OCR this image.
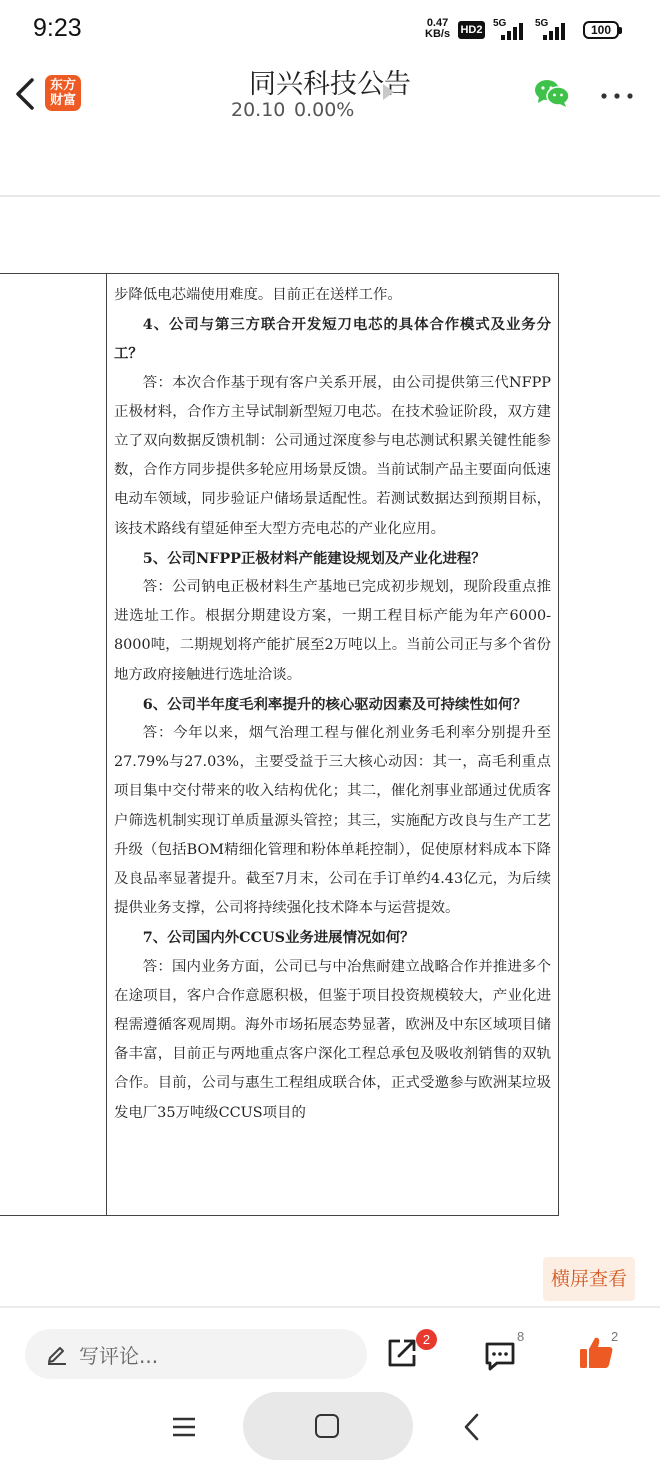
9:23	0.47
KB/s HD2
5G	5G	100
东方
财富
同兴科技公告
20.10 0.00%

步降低电芯端使用难度。目前正在送样工作。

4、公司与第三方联合开发短刀电芯的具体合作模式及业务分工？

答：本次合作基于现有客户关系开展，由公司提供第三代NFPP正极材料，合作方主导试制新型短刀电芯。在技术验证阶段，双方建立了双向数据反馈机制：公司通过深度参与电芯测试积累关键性能参数，合作方同步提供多轮应用场景反馈。当前试制产品主要面向低速电动车领域，同步验证户储场景适配性。若测试数据达到预期目标，该技术路线有望延伸至大型方壳电芯的产业化应用。

5、公司NFPP正极材料产能建设规划及产业化进程？

答：公司钠电正极材料生产基地已完成初步规划，现阶段重点推进选址工作。根据分期建设方案，一期工程目标产能为年产6000-8000吨，二期规划将产能扩展至2万吨以上。当前公司正与多个省份地方政府接触进行选址洽谈。

6、公司半年度毛利率提升的核心驱动因素及可持续性如何？

答：今年以来，烟气治理工程与催化剂业务毛利率分别提升至27.79%与27.03%，主要受益于三大核心动因：其一，高毛利重点项目集中交付带来的收入结构优化；其二，催化剂事业部通过优质客户筛选机制实现订单质量源头管控；其三，实施配方改良与生产工艺升级（包括BOM精细化管理和粉体单耗控制），促使原材料成本下降及良品率显著提升。截至7月末，公司在手订单约4.43亿元，为后续提供业务支撑，公司将持续强化技术降本与运营提效。

7、公司国内外CCUS业务进展情况如何？

答：国内业务方面，公司已与中冶焦耐建立战略合作并推进多个在途项目，客户合作意愿积极，但鉴于项目投资规模较大，产业化进程需遵循客观周期。海外市场拓展态势显著，欧洲及中东区域项目储备丰富，目前正与两地重点客户深化工程总承包及吸收剂销售的双轨合作。目前，公司与惠生工程组成联合体，正式受邀参与欧洲某垃圾发电厂35万吨级CCUS项目的

横屏查看
写评论...
2	8	2
